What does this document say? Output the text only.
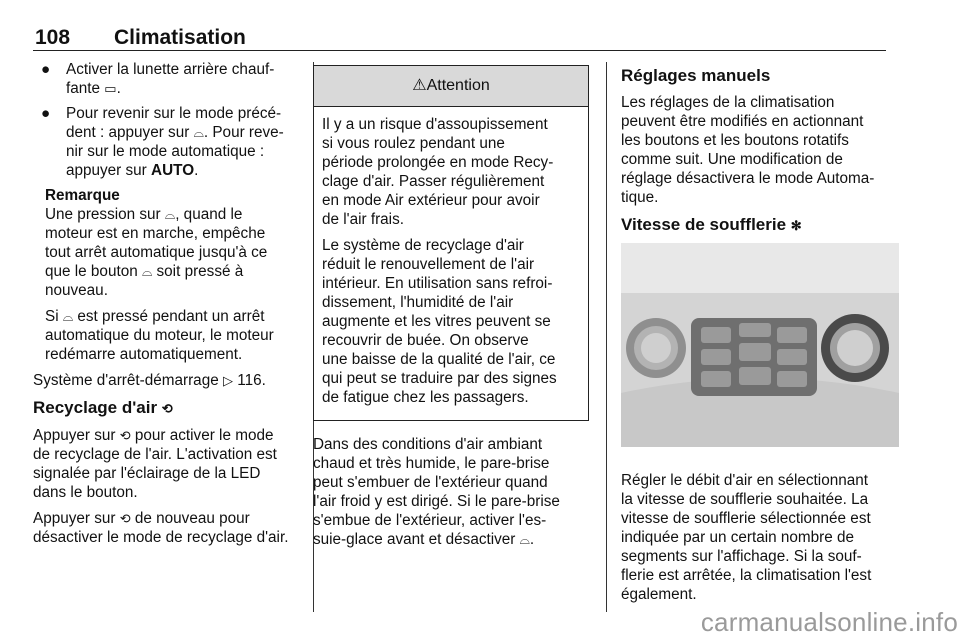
108 Climatisation
● Activer la lunette arrière chauf-
fante ▭.
● Pour revenir sur le mode précé-
dent : appuyer sur ⌓. Pour reve-
nir sur le mode automatique :
appuyer sur AUTO.
Remarque
Une pression sur ⌓, quand le
moteur est en marche, empêche
tout arrêt automatique jusqu'à ce
que le bouton ⌓ soit pressé à
nouveau.
Si ⌓ est pressé pendant un arrêt
automatique du moteur, le moteur
redémarre automatiquement.
Système d'arrêt-démarrage ▷ 116.
Recyclage d'air ⟲
Appuyer sur ⟲ pour activer le mode
de recyclage de l'air. L'activation est
signalée par l'éclairage de la LED
dans le bouton.
Appuyer sur ⟲ de nouveau pour
désactiver le mode de recyclage d'air.
⚠Attention

Il y a un risque d'assoupissement
si vous roulez pendant une
période prolongée en mode Recy-
clage d'air. Passer régulièrement
en mode Air extérieur pour avoir
de l'air frais.

Le système de recyclage d'air
réduit le renouvellement de l'air
intérieur. En utilisation sans refroi-
dissement, l'humidité de l'air
augmente et les vitres peuvent se
recouvrir de buée. On observe
une baisse de la qualité de l'air, ce
qui peut se traduire par des signes
de fatigue chez les passagers.

Dans des conditions d'air ambiant
chaud et très humide, le pare-brise
peut s'embuer de l'extérieur quand
l'air froid y est dirigé. Si le pare-brise
s'embue de l'extérieur, activer l'es-
suie-glace avant et désactiver ⌓.
Réglages manuels
Les réglages de la climatisation
peuvent être modifiés en actionnant
les boutons et les boutons rotatifs
comme suit. Une modification de
réglage désactivera le mode Automa-
tique.
Vitesse de soufflerie ✻
Régler le débit d'air en sélectionnant
la vitesse de soufflerie souhaitée. La
vitesse de soufflerie sélectionnée est
indiquée par un certain nombre de
segments sur l'affichage. Si la souf-
flerie est arrêtée, la climatisation l'est
également.
carmanualsonline.info
